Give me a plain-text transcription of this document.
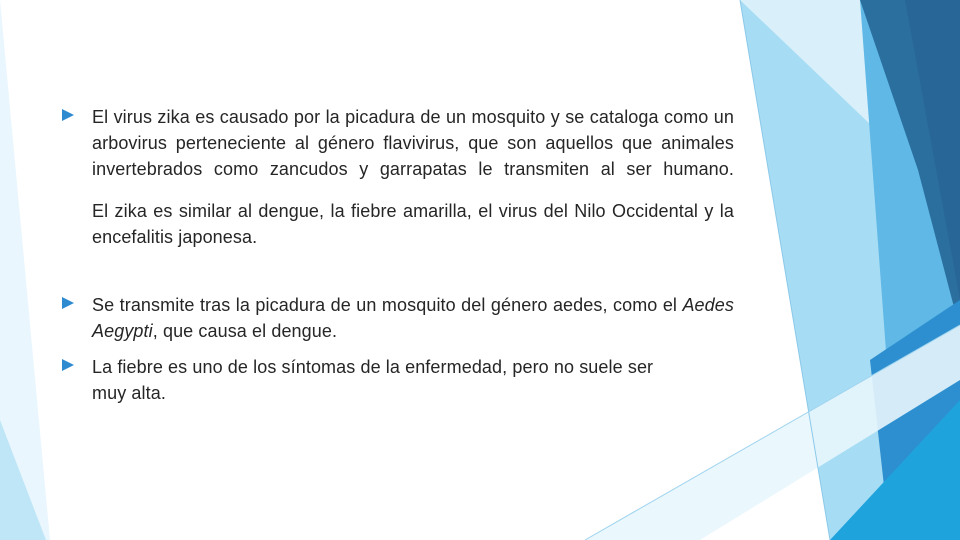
El virus zika es causado por la picadura de un mosquito y se cataloga como un arbovirus perteneciente al género flavivirus, que son aquellos que animales invertebrados como zancudos y garrapatas le transmiten al ser humano.

El zika es similar al dengue, la fiebre amarilla, el virus del Nilo Occidental y la encefalitis japonesa.

Se transmite tras la picadura de un mosquito del género aedes, como el Aedes Aegypti, que causa el dengue.

La fiebre es uno de los síntomas de la enfermedad, pero no suele ser muy alta.
